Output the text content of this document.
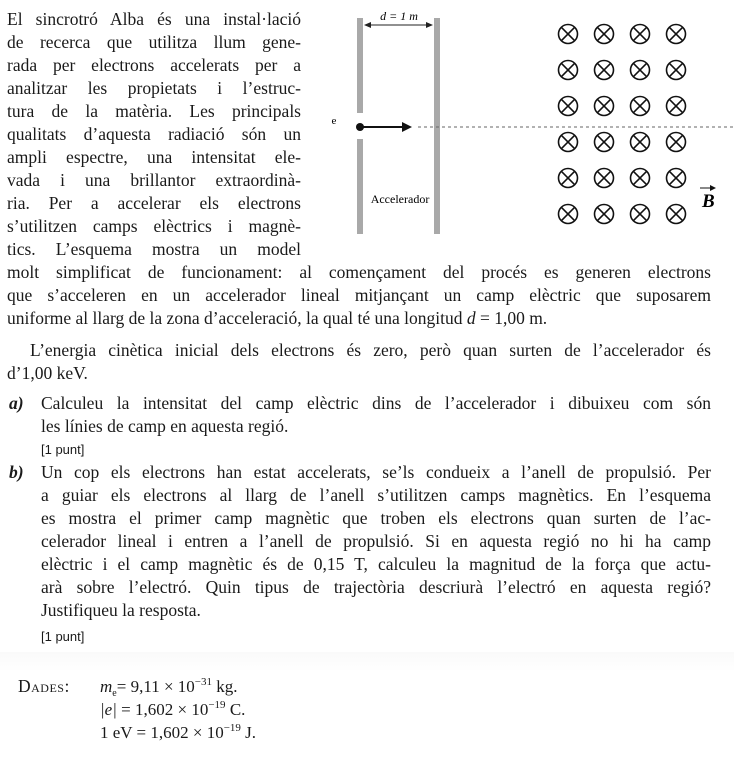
El sincrotró Alba és una instal·lació
de recerca que utilitza llum gene-
rada per electrons accelerats per a
analitzar les propietats i l’estruc-
tura de la matèria. Les principals
qualitats d’aquesta radiació són un
ampli espectre, una intensitat ele-
vada i una brillantor extraordinà-
ria. Per a accelerar els electrons
s’utilitzen camps elèctrics i magnè-
tics. L’esquema mostra un model
molt simplificat de funcionament: al començament del procés es generen electrons
que s’acceleren en un accelerador lineal mitjançant un camp elèctric que suposarem
uniforme al llarg de la zona d’acceleració, la qual té una longitud d = 1,00 m.
L’energia cinètica inicial dels electrons és zero, però quan surten de l’accelerador és
d’1,00 keV.
a) Calculeu la intensitat del camp elèctric dins de l’accelerador i dibuixeu com són
les línies de camp en aquesta regió.
[1 punt]
b) Un cop els electrons han estat accelerats, se’ls condueix a l’anell de propulsió. Per
a guiar els electrons al llarg de l’anell s’utilitzen camps magnètics. En l’esquema
es mostra el primer camp magnètic que troben els electrons quan surten de l’ac-
celerador lineal i entren a l’anell de propulsió. Si en aquesta regió no hi ha camp
elèctric i el camp magnètic és de 0,15 T, calculeu la magnitud de la força que actu-
arà sobre l’electró. Quin tipus de trajectòria descriurà l’electró en aquesta regió?
Justifiqueu la resposta.
[1 punt]
d = 1 m
e
Accelerador	B
Dades: $m_e= 9,11 \times 10^{-31}$ kg.
$|e| = 1,602 \times 10^{-19}$ C.
1 eV = $1,602 \times 10^{-19}$ J.
